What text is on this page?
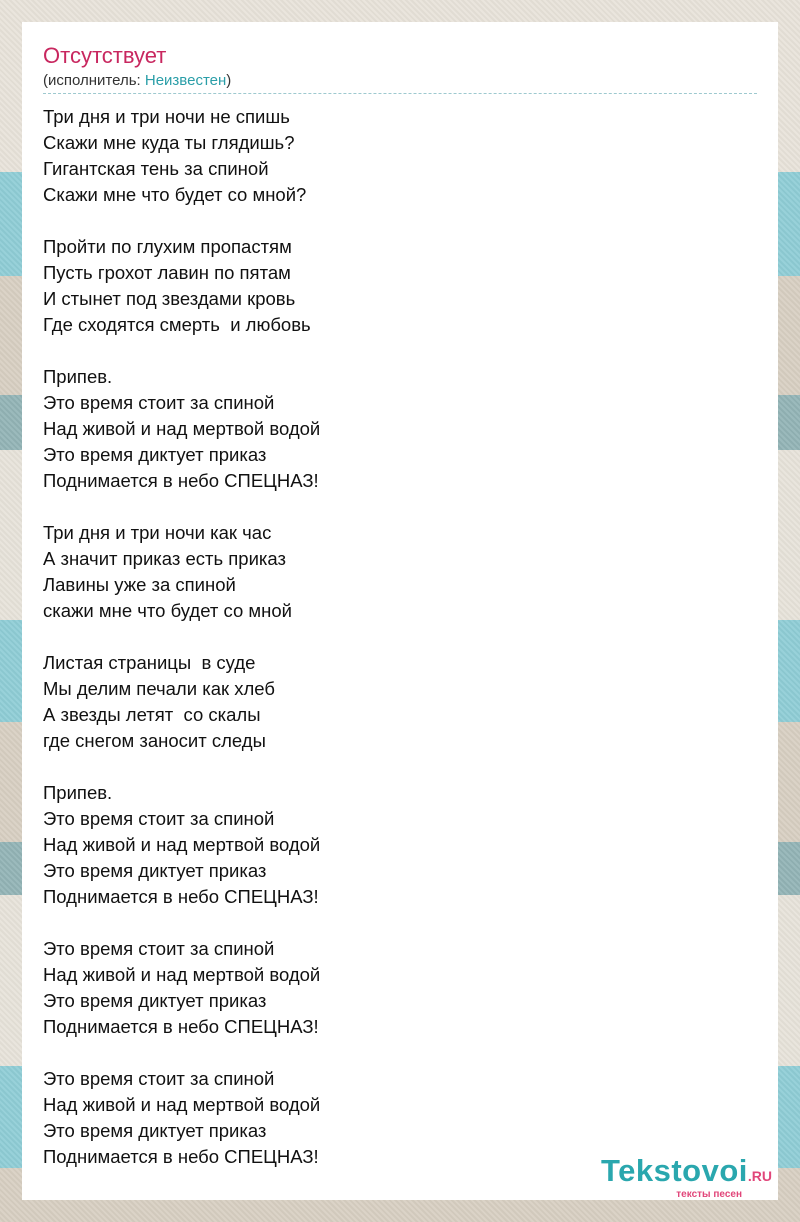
Отсутствует
(исполнитель: Неизвестен)
Три дня и три ночи не спишь
Скажи мне куда ты глядишь?
Гигантская тень за спиной
Скажи мне что будет со мной?
Пройти по глухим пропастям
Пусть грохот лавин по пятам
И стынет под звездами кровь
Где сходятся смерть  и любовь
Припев.
Это время стоит за спиной
Над живой и над мертвой водой
Это время диктует приказ
Поднимается в небо СПЕЦНАЗ!
Три дня и три ночи как час
А значит приказ есть приказ
Лавины уже за спиной
скажи мне что будет со мной
Листая страницы  в суде
Мы делим печали как хлеб
А звезды летят  со скалы
где снегом заносит следы
Припев.
Это время стоит за спиной
Над живой и над мертвой водой
Это время диктует приказ
Поднимается в небо СПЕЦНАЗ!
Это время стоит за спиной
Над живой и над мертвой водой
Это время диктует приказ
Поднимается в небо СПЕЦНАЗ!
Это время стоит за спиной
Над живой и над мертвой водой
Это время диктует приказ
Поднимается в небо СПЕЦНАЗ!	Tekstovoi.RU
тексты песен
